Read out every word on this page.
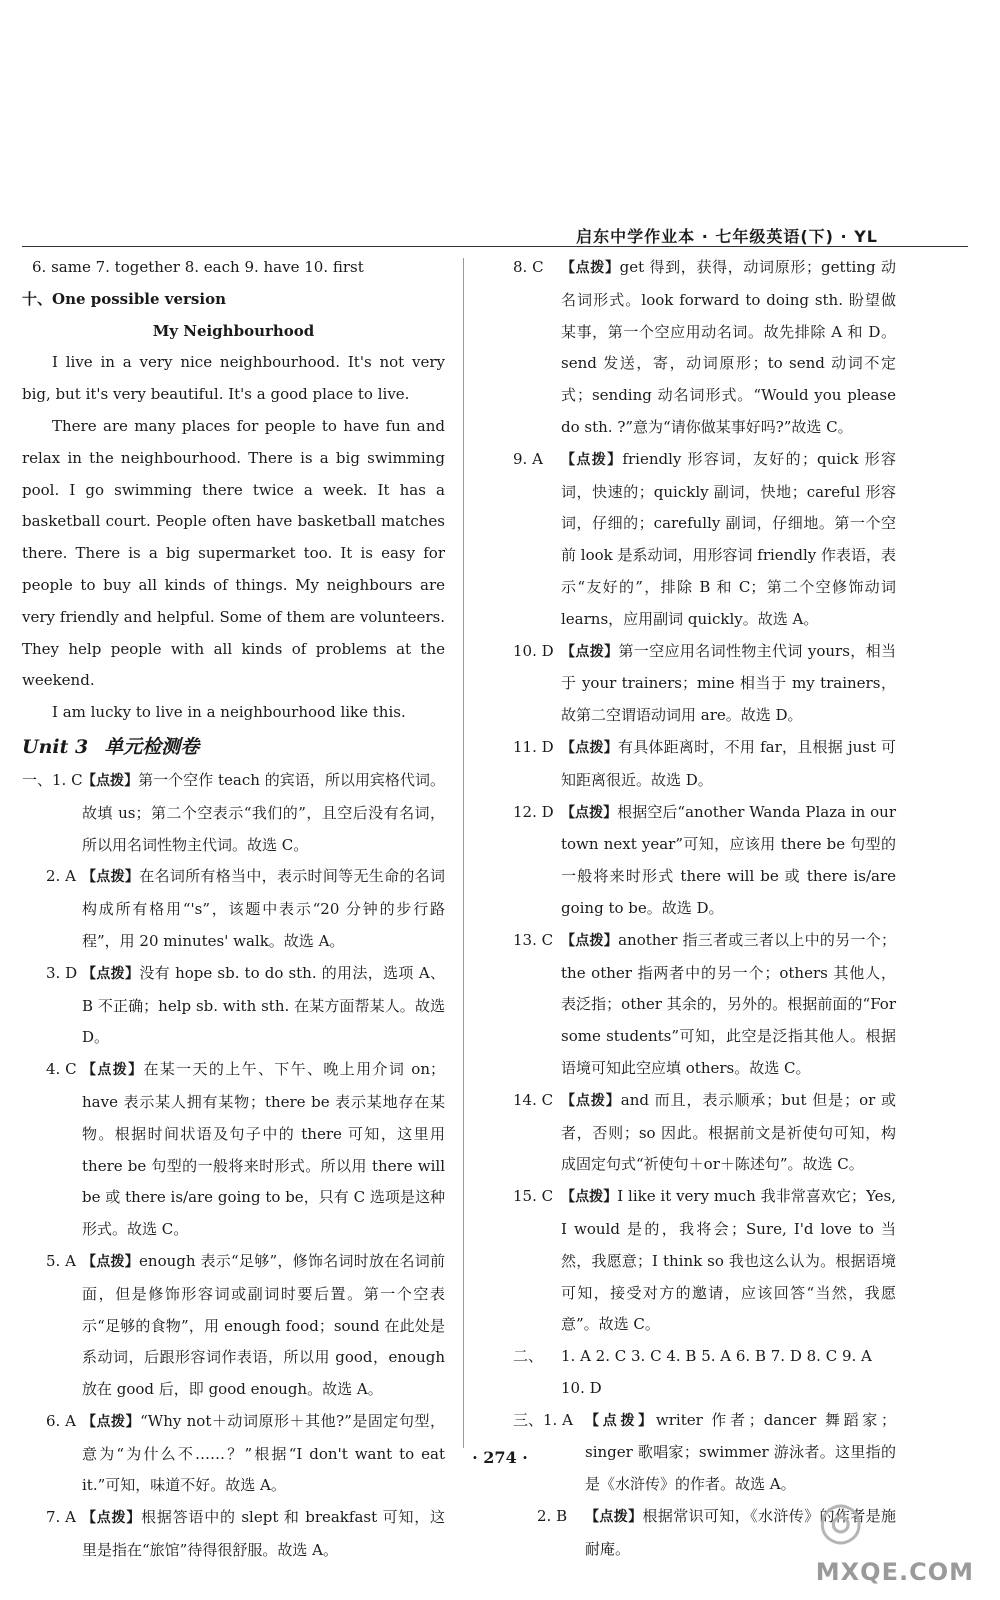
启东中学作业本 · 七年级英语(下) · YL

6. same 7. together 8. each 9. have 10. first

十、One possible version

My Neighbourhood

I live in a very nice neighbourhood. It's not very big, but it's very beautiful. It's a good place to live.

There are many places for people to have fun and relax in the neighbourhood. There is a big swimming pool. I go swimming there twice a week. It has a basketball court. People often have basketball matches there. There is a big supermarket too. It is easy for people to buy all kinds of things. My neighbours are very friendly and helpful. Some of them are volunteers. They help people with all kinds of problems at the weekend.

I am lucky to live in a neighbourhood like this.

Unit 3 单元检测卷
一、1. C 【点拨】第一个空作 teach 的宾语，所以用宾格代词。故填 us；第二个空表示“我们的”，且空后没有名词，所以用名词性物主代词。故选 C。
2. A 【点拨】在名词所有格当中，表示时间等无生命的名词构成所有格用“'s”，该题中表示“20 分钟的步行路程”，用 20 minutes' walk。故选 A。
3. D 【点拨】没有 hope sb. to do sth. 的用法，选项 A、B 不正确；help sb. with sth. 在某方面帮某人。故选 D。
4. C 【点拨】在某一天的上午、下午、晚上用介词 on；have 表示某人拥有某物；there be 表示某地存在某物。根据时间状语及句子中的 there 可知，这里用 there be 句型的一般将来时形式。所以用 there will be 或 there is/are going to be，只有 C 选项是这种形式。故选 C。
5. A 【点拨】enough 表示“足够”，修饰名词时放在名词前面，但是修饰形容词或副词时要后置。第一个空表示“足够的食物”，用 enough food；sound 在此处是系动词，后跟形容词作表语，所以用 good，enough 放在 good 后，即 good enough。故选 A。
6. A 【点拨】“Why not＋动词原形＋其他?”是固定句型，意为“为什么不……？”根据“I don't want to eat it.”可知，味道不好。故选 A。
7. A 【点拨】根据答语中的 slept 和 breakfast 可知，这里是指在“旅馆”待得很舒服。故选 A。
8. C	【点拨】get 得到，获得，动词原形；getting 动名词形式。look forward to doing sth. 盼望做某事，第一个空应用动名词。故先排除 A 和 D。send 发送，寄，动词原形；to send 动词不定式；sending 动名词形式。“Would you please do sth. ?”意为“请你做某事好吗?”故选 C。
9. A	【点拨】friendly 形容词，友好的；quick 形容词，快速的；quickly 副词，快地；careful 形容词，仔细的；carefully 副词，仔细地。第一个空前 look 是系动词，用形容词 friendly 作表语，表示“友好的”，排除 B 和 C；第二个空修饰动词 learns，应用副词 quickly。故选 A。
10. D 【点拨】第一空应用名词性物主代词 yours，相当于 your trainers；mine 相当于 my trainers，故第二空谓语动词用 are。故选 D。
11. D 【点拨】有具体距离时，不用 far，且根据 just 可知距离很近。故选 D。
12. D 【点拨】根据空后“another Wanda Plaza in our town next year”可知，应该用 there be 句型的一般将来时形式 there will be 或 there is/are going to be。故选 D。
13. C 【点拨】another 指三者或三者以上中的另一个；the other 指两者中的另一个；others 其他人，表泛指；other 其余的，另外的。根据前面的“For some students”可知，此空是泛指其他人。根据语境可知此空应填 others。故选 C。
14. C 【点拨】and 而且，表示顺承；but 但是；or 或者，否则；so 因此。根据前文是祈使句可知，构成固定句式“祈使句＋or＋陈述句”。故选 C。
15. C 【点拨】I like it very much 我非常喜欢它；Yes, I would 是的，我将会；Sure, I'd love to 当然，我愿意；I think so 我也这么认为。根据语境可知，接受对方的邀请，应该回答“当然，我愿意”。故选 C。
二、	1. A 2. C 3. C 4. B 5. A 6. B 7. D 8. C 9. A
10. D
三、1. A 【点拨】writer 作者；dancer 舞蹈家；singer 歌唱家；swimmer 游泳者。这里指的是《水浒传》的作者。故选 A。
2. B	【点拨】根据常识可知，《水浒传》的作者是施耐庵。
· 274 ·
◎
MXQE.COM
